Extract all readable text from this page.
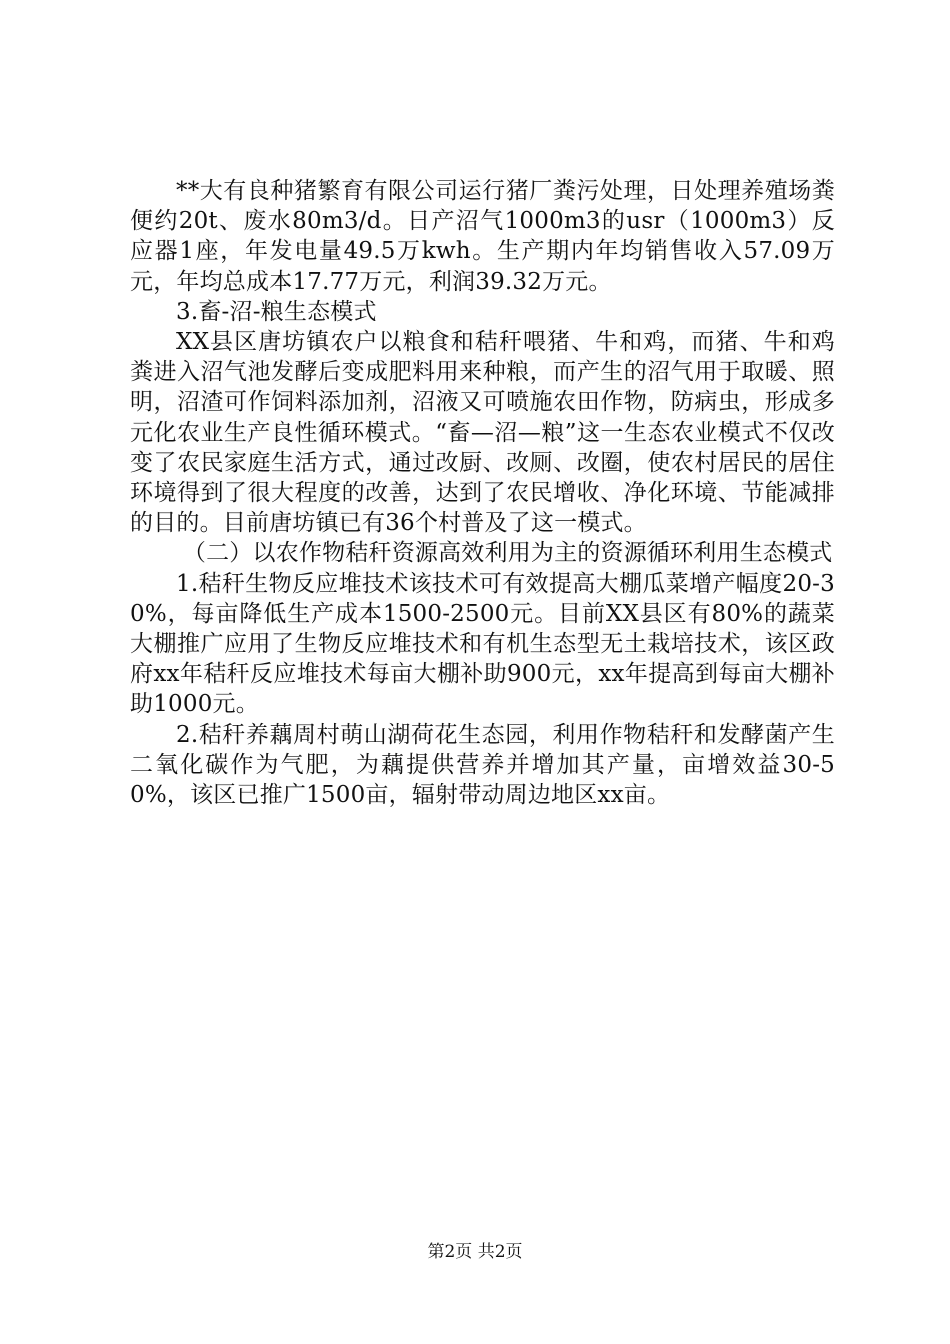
**大有良种猪繁育有限公司运行猪厂粪污处理，日处理养殖场粪便约20t、废水80m3/d。日产沼气1000m3的usr（1000m3）反应器1座，年发电量49.5万kwh。生产期内年均销售收入57.09万元，年均总成本17.77万元，利润39.32万元。

3.畜-沼-粮生态模式

XX县区唐坊镇农户以粮食和秸秆喂猪、牛和鸡，而猪、牛和鸡粪进入沼气池发酵后变成肥料用来种粮，而产生的沼气用于取暖、照明，沼渣可作饲料添加剂，沼液又可喷施农田作物，防病虫，形成多元化农业生产良性循环模式。“畜—沼—粮”这一生态农业模式不仅改变了农民家庭生活方式，通过改厨、改厕、改圈，使农村居民的居住环境得到了很大程度的改善，达到了农民增收、净化环境、节能减排的目的。目前唐坊镇已有36个村普及了这一模式。

（二）以农作物秸秆资源高效利用为主的资源循环利用生态模式

1.秸秆生物反应堆技术该技术可有效提高大棚瓜菜增产幅度20-30%，每亩降低生产成本1500-2500元。目前XX县区有80%的蔬菜大棚推广应用了生物反应堆技术和有机生态型无土栽培技术，该区政府xx年秸秆反应堆技术每亩大棚补助900元，xx年提高到每亩大棚补助1000元。

2.秸秆养藕周村萌山湖荷花生态园，利用作物秸秆和发酵菌产生二氧化碳作为气肥，为藕提供营养并增加其产量，亩增效益30-50%，该区已推广1500亩，辐射带动周边地区xx亩。

第2页 共2页
